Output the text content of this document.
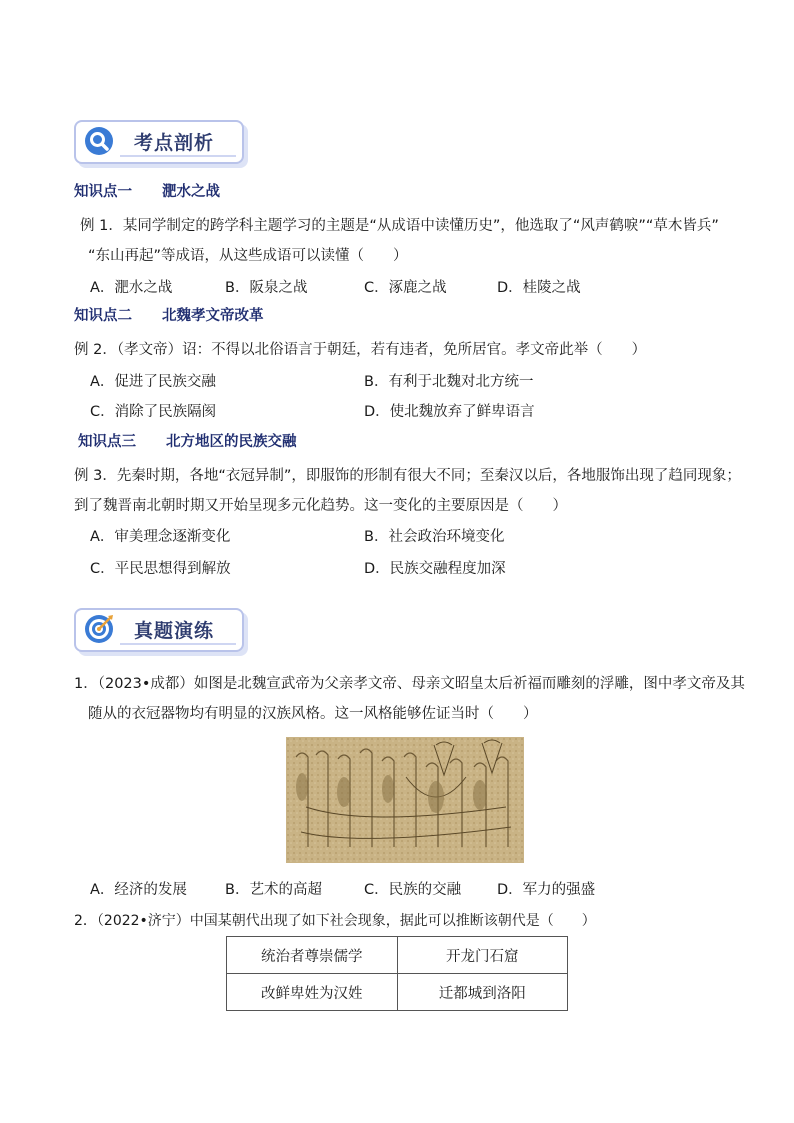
考点剖析
知识点一 淝水之战
例 1．某同学制定的跨学科主题学习的主题是“从成语中读懂历史”，他选取了“风声鹤唳”“草木皆兵”
“东山再起”等成语，从这些成语可以读懂（　　）
A．淝水之战	B．阪泉之战	C．涿鹿之战	D．桂陵之战
知识点二 北魏孝文帝改革
例 2．（孝文帝）诏：不得以北俗语言于朝廷，若有违者，免所居官。孝文帝此举（　　）
A．促进了民族交融	B．有利于北魏对北方统一
C．消除了民族隔阂	D．使北魏放弃了鲜卑语言
知识点三 北方地区的民族交融
例 3．先秦时期，各地“衣冠异制”，即服饰的形制有很大不同；至秦汉以后，各地服饰出现了趋同现象；
到了魏晋南北朝时期又开始呈现多元化趋势。这一变化的主要原因是（　　）
A．审美理念逐渐变化	B．社会政治环境变化
C．平民思想得到解放	D．民族交融程度加深
真题演练
1．（2023•成都）如图是北魏宣武帝为父亲孝文帝、母亲文昭皇太后祈福而雕刻的浮雕，图中孝文帝及其
随从的衣冠器物均有明显的汉族风格。这一风格能够佐证当时（　　）
A．经济的发展	B．艺术的高超	C．民族的交融 D．军力的强盛
2．（2022•济宁）中国某朝代出现了如下社会现象，据此可以推断该朝代是（　　）
统治者尊崇儒学	开龙门石窟
改鲜卑姓为汉姓	迁都城到洛阳
